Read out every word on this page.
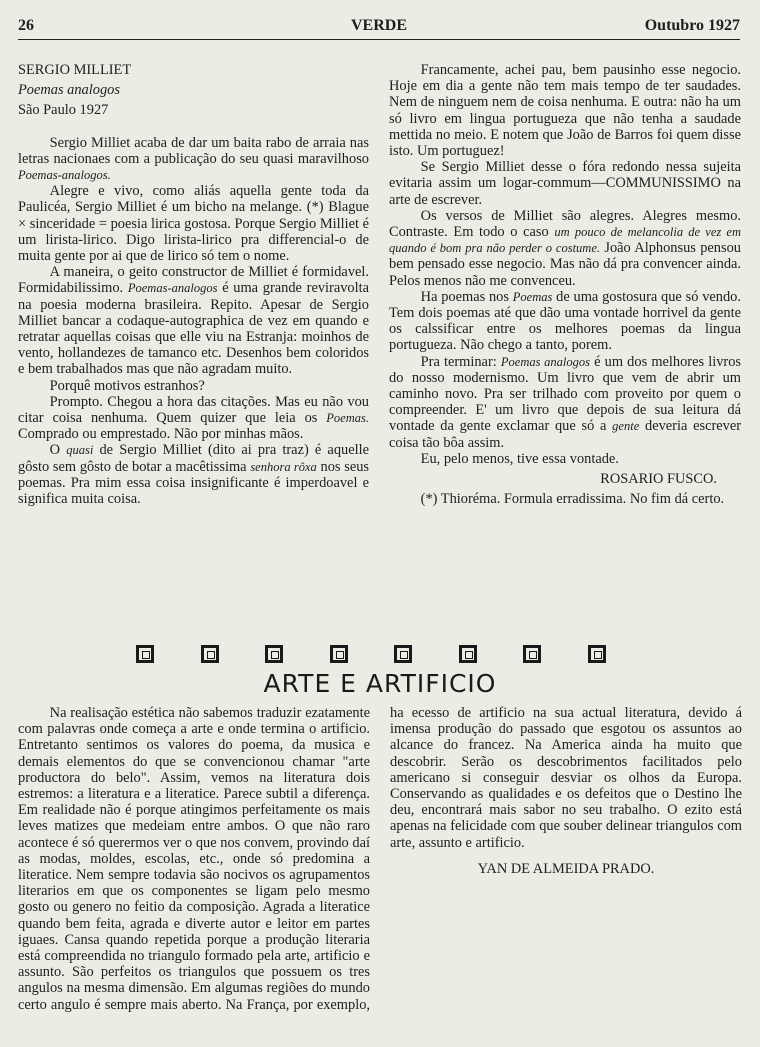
26	VERDE	Outubro 1927

SERGIO MILLIET

Poemas analogos

São Paulo 1927

Sergio Milliet acaba de dar um baita rabo de arraia nas letras nacionaes com a publicação do seu quasi maravilhoso Poemas-analogos.

Alegre e vivo, como aliás aquella gente toda da Paulicéa, Sergio Milliet é um bicho na melange. (*) Blague × sinceridade = poesia lirica gostosa. Porque Sergio Milliet é um lirista-lirico. Digo lirista-lirico pra differencial-o de muita gente por ai que de lirico só tem o nome.

A maneira, o geito constructor de Milliet é formidavel. Formidabilissimo. Poemas-analogos é uma grande reviravolta na poesia moderna brasileira. Repito. Apesar de Sergio Milliet bancar a codaque-autographica de vez em quando e retratar aquellas coisas que elle viu na Estranja: moinhos de vento, hollandezes de tamanco etc. Desenhos bem coloridos e bem trabalhados mas que não agradam muito.

Porquê motivos estranhos?

Prompto. Chegou a hora das citações. Mas eu não vou citar coisa nenhuma. Quem quizer que leia os Poemas. Comprado ou emprestado. Não por minhas mãos.

O quasi de Sergio Milliet (dito ai pra traz) é aquelle gôsto sem gôsto de botar a macêtissima senhora rôxa nos seus poemas. Pra mim essa coisa insignificante é imperdoavel e significa muita coisa.

Francamente, achei pau, bem pausinho esse negocio. Hoje em dia a gente não tem mais tempo de ter saudades. Nem de ninguem nem de coisa nenhuma. E outra: não ha um só livro em lingua portugueza que não tenha a saudade mettida no meio. E notem que João de Barros foi quem disse isto. Um portuguez!

Se Sergio Milliet desse o fóra redondo nessa sujeita evitaria assim um logar-commum—COMMUNISSIMO na arte de escrever.

Os versos de Milliet são alegres. Alegres mesmo. Contraste. Em todo o caso um pouco de melancolia de vez em quando é bom pra não perder o costume. João Alphonsus pensou bem pensado esse negocio. Mas não dá pra convencer ainda. Pelos menos não me convenceu.

Ha poemas nos Poemas de uma gostosura que só vendo. Tem dois poemas até que dão uma vontade horrivel da gente os calssificar entre os melhores poemas da lingua portugueza. Não chego a tanto, porem.

Pra terminar: Poemas analogos é um dos melhores livros do nosso modernismo. Um livro que vem de abrir um caminho novo. Pra ser trilhado com proveito por quem o compreender. E' um livro que depois de sua leitura dá vontade da gente exclamar que só a gente deveria escrever coisa tão bôa assim.

Eu, pelo menos, tive essa vontade.

ROSARIO FUSCO.

(*) Thioréma. Formula erradissima. No fim dá certo.

ARTE E ARTIFICIO

Na realisação estética não sabemos traduzir ezatamente com palavras onde começa a arte e onde termina o artificio. Entretanto sentimos os valores do poema, da musica e demais elementos do que se convencionou chamar "arte productora do belo". Assim, vemos na literatura dois estremos: a literatura e a literatice. Parece subtil a diferença. Em realidade não é porque atingimos perfeitamente os mais leves matizes que medeiam entre ambos. O que não raro acontece é só querermos ver o que nos convem, provindo daí as modas, moldes, escolas, etc., onde só predomina a literatice. Nem sempre todavia são nocivos os agrupamentos literarios em que os componentes se ligam pelo mesmo gosto ou genero no feitio da composição. Agrada a literatice quando bem feita, agrada e diverte autor e leitor em partes iguaes. Cansa quando repetida porque a produção literaria está compreendida no triangulo formado pela arte, artificio e assunto. São perfeitos os triangulos que possuem os tres angulos na mesma dimensão. Em algumas regiões do mundo certo angulo é sempre mais aberto. Na França, por exemplo, ha ecesso de artificio na sua actual literatura, devido á imensa produção do passado que esgotou os assuntos ao alcance do francez. Na America ainda ha muito que descobrir. Serão os descobrimentos facilitados pelo americano si conseguir desviar os olhos da Europa. Conservando as qualidades e os defeitos que o Destino lhe deu, encontrará mais sabor no seu trabalho. O ezito está apenas na felicidade com que souber delinear triangulos com arte, assunto e artificio.

YAN DE ALMEIDA PRADO.
